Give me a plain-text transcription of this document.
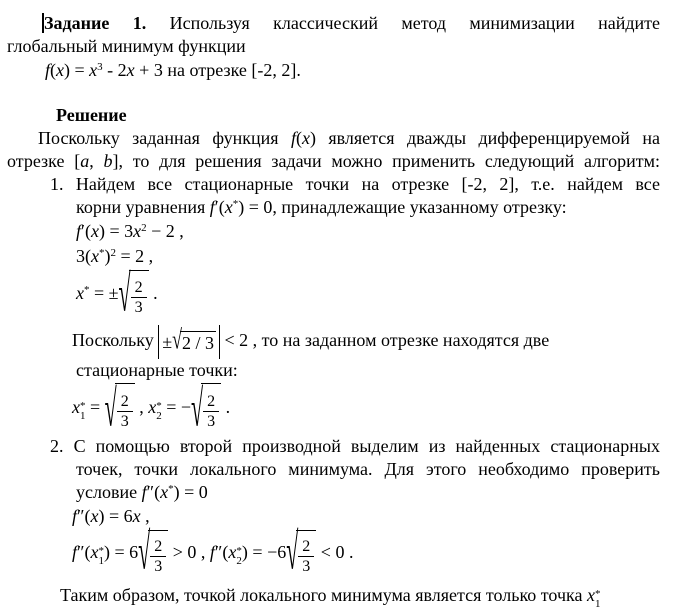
Задание 1. Используя классический метод минимизации найдите
глобальный минимум функции
$f(x) = x^3 - 2x + 3$ на отрезке [-2, 2].
Решение
Поскольку заданная функция f(x) является дважды дифференцируемой на
отрезке [a, b], то для решения задачи можно применить следующий алгоритм:
1. Найдем все стационарные точки на отрезке [-2, 2], т.е. найдем все
корни уравнения f′(x*) = 0, принадлежащие указанному отрезку:
$f'(x) = 3x^2 - 2$ ,
$3(x^*)^2 = 2$ ,
x* = ± √ $\frac{2}{3}$ .
Поскольку ± √ 2 / 3 < 2 , то на заданном отрезке находятся две
стационарные точки:
x *
1 = √ $\frac{2}{3}$ , x *
2 = − √ $\frac{2}{3}$ .
2. С помощью второй производной выделим из найденных стационарных
точек, точки локального минимума. Для этого необходимо проверить
условие f″(x*) = 0
f″(x) = 6x ,
f″(x *
1 ) = 6 √ $\frac{2}{3} > 0$ , f″(x *
2 ) = −6 √ $\frac{2}{3} < 0$ .
Таким образом, точкой локального минимума является только точка x *
1
